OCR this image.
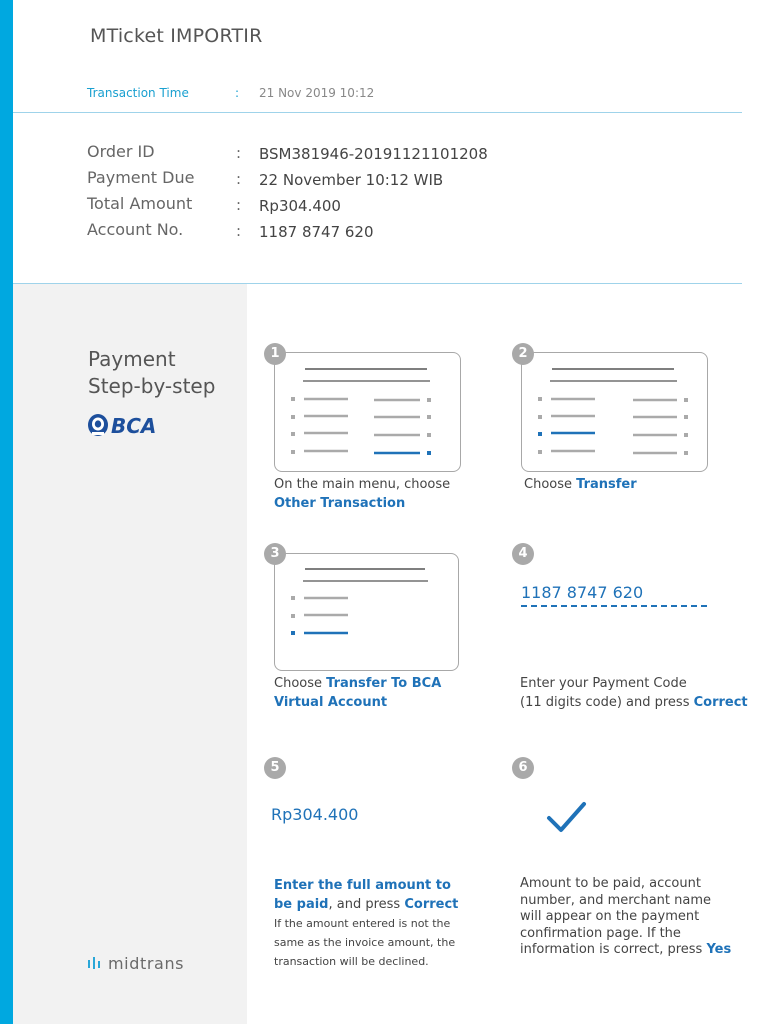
MTicket IMPORTIR
Transaction Time	: 21 Nov 2019 10:12
Order ID	: BSM381946-20191121101208
Payment Due	: 22 November 10:12 WIB
Total Amount	: Rp304.400
Account No.	: 1187 8747 620
Payment
Step-by-step
BCA
midtrans
1
On the main menu, choose
Other Transaction
2
Choose Transfer
3
Choose Transfer To BCA
Virtual Account
4
1187 8747 620
Enter your Payment Code
(11 digits code) and press Correct
5
Rp304.400
Enter the full amount to
be paid, and press Correct
If the amount entered is not the
same as the invoice amount, the
transaction will be declined.
6
Amount to be paid, account
number, and merchant name
will appear on the payment
confirmation page. If the
information is correct, press Yes
